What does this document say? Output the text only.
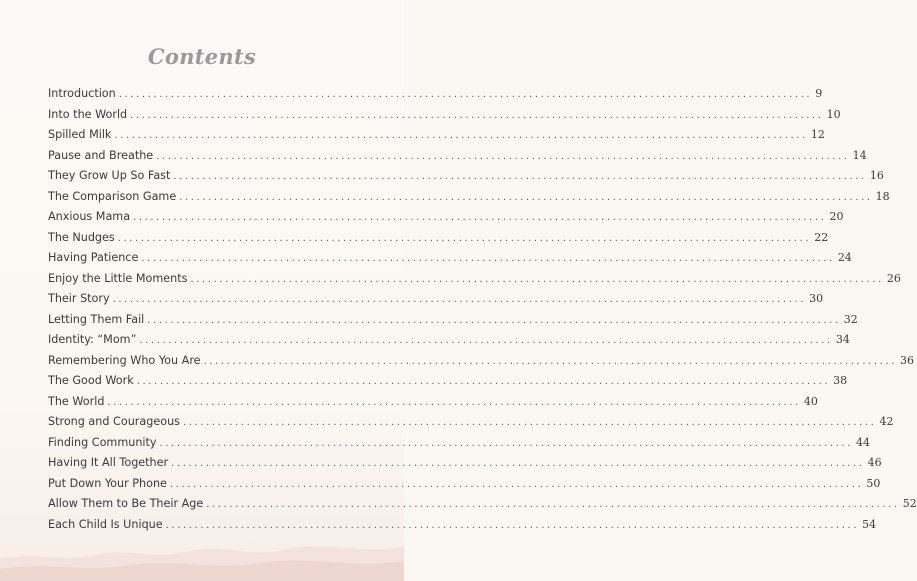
Contents
Introduction ........................................................................................................................ 9
Into the World ........................................................................................................................ 10
Spilled Milk ........................................................................................................................ 12
Pause and Breathe ........................................................................................................................ 14
They Grow Up So Fast ........................................................................................................................ 16
The Comparison Game ........................................................................................................................ 18
Anxious Mama ........................................................................................................................ 20
The Nudges ........................................................................................................................ 22
Having Patience ........................................................................................................................ 24
Enjoy the Little Moments ........................................................................................................................ 26
Their Story ........................................................................................................................ 30
Letting Them Fail ........................................................................................................................ 32
Identity: “Mom” ........................................................................................................................ 34
Remembering Who You Are ........................................................................................................................ 36
The Good Work ........................................................................................................................ 38
The World ........................................................................................................................ 40
Strong and Courageous ........................................................................................................................ 42
Finding Community ........................................................................................................................ 44
Having It All Together ........................................................................................................................ 46
Put Down Your Phone ........................................................................................................................ 50
Allow Them to Be Their Age ........................................................................................................................ 52
Each Child Is Unique ........................................................................................................................ 54
